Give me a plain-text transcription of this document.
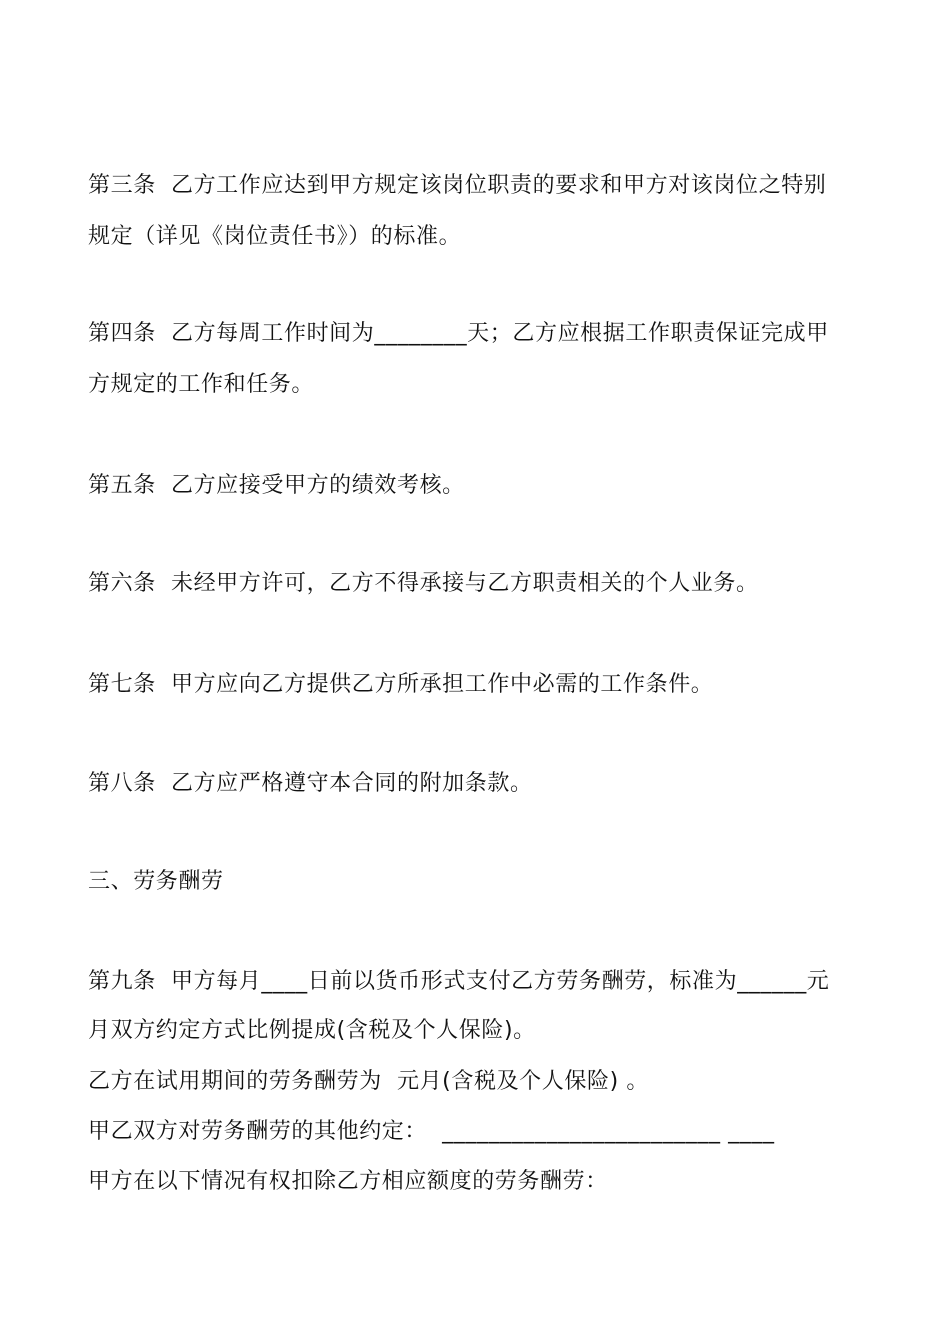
第三条  乙方工作应达到甲方规定该岗位职责的要求和甲方对该岗位之特别
规定（详见《岗位责任书》）的标准。
第四条  乙方每周工作时间为________天；乙方应根据工作职责保证完成甲
方规定的工作和任务。
第五条  乙方应接受甲方的绩效考核。
第六条  未经甲方许可，乙方不得承接与乙方职责相关的个人业务。
第七条  甲方应向乙方提供乙方所承担工作中必需的工作条件。
第八条  乙方应严格遵守本合同的附加条款。
三、劳务酬劳
第九条  甲方每月____日前以货币形式支付乙方劳务酬劳，标准为______元
月双方约定方式比例提成(含税及个人保险)。
乙方在试用期间的劳务酬劳为  元月(含税及个人保险) 。
甲乙双方对劳务酬劳的其他约定：  ________________________ ____
甲方在以下情况有权扣除乙方相应额度的劳务酬劳：
